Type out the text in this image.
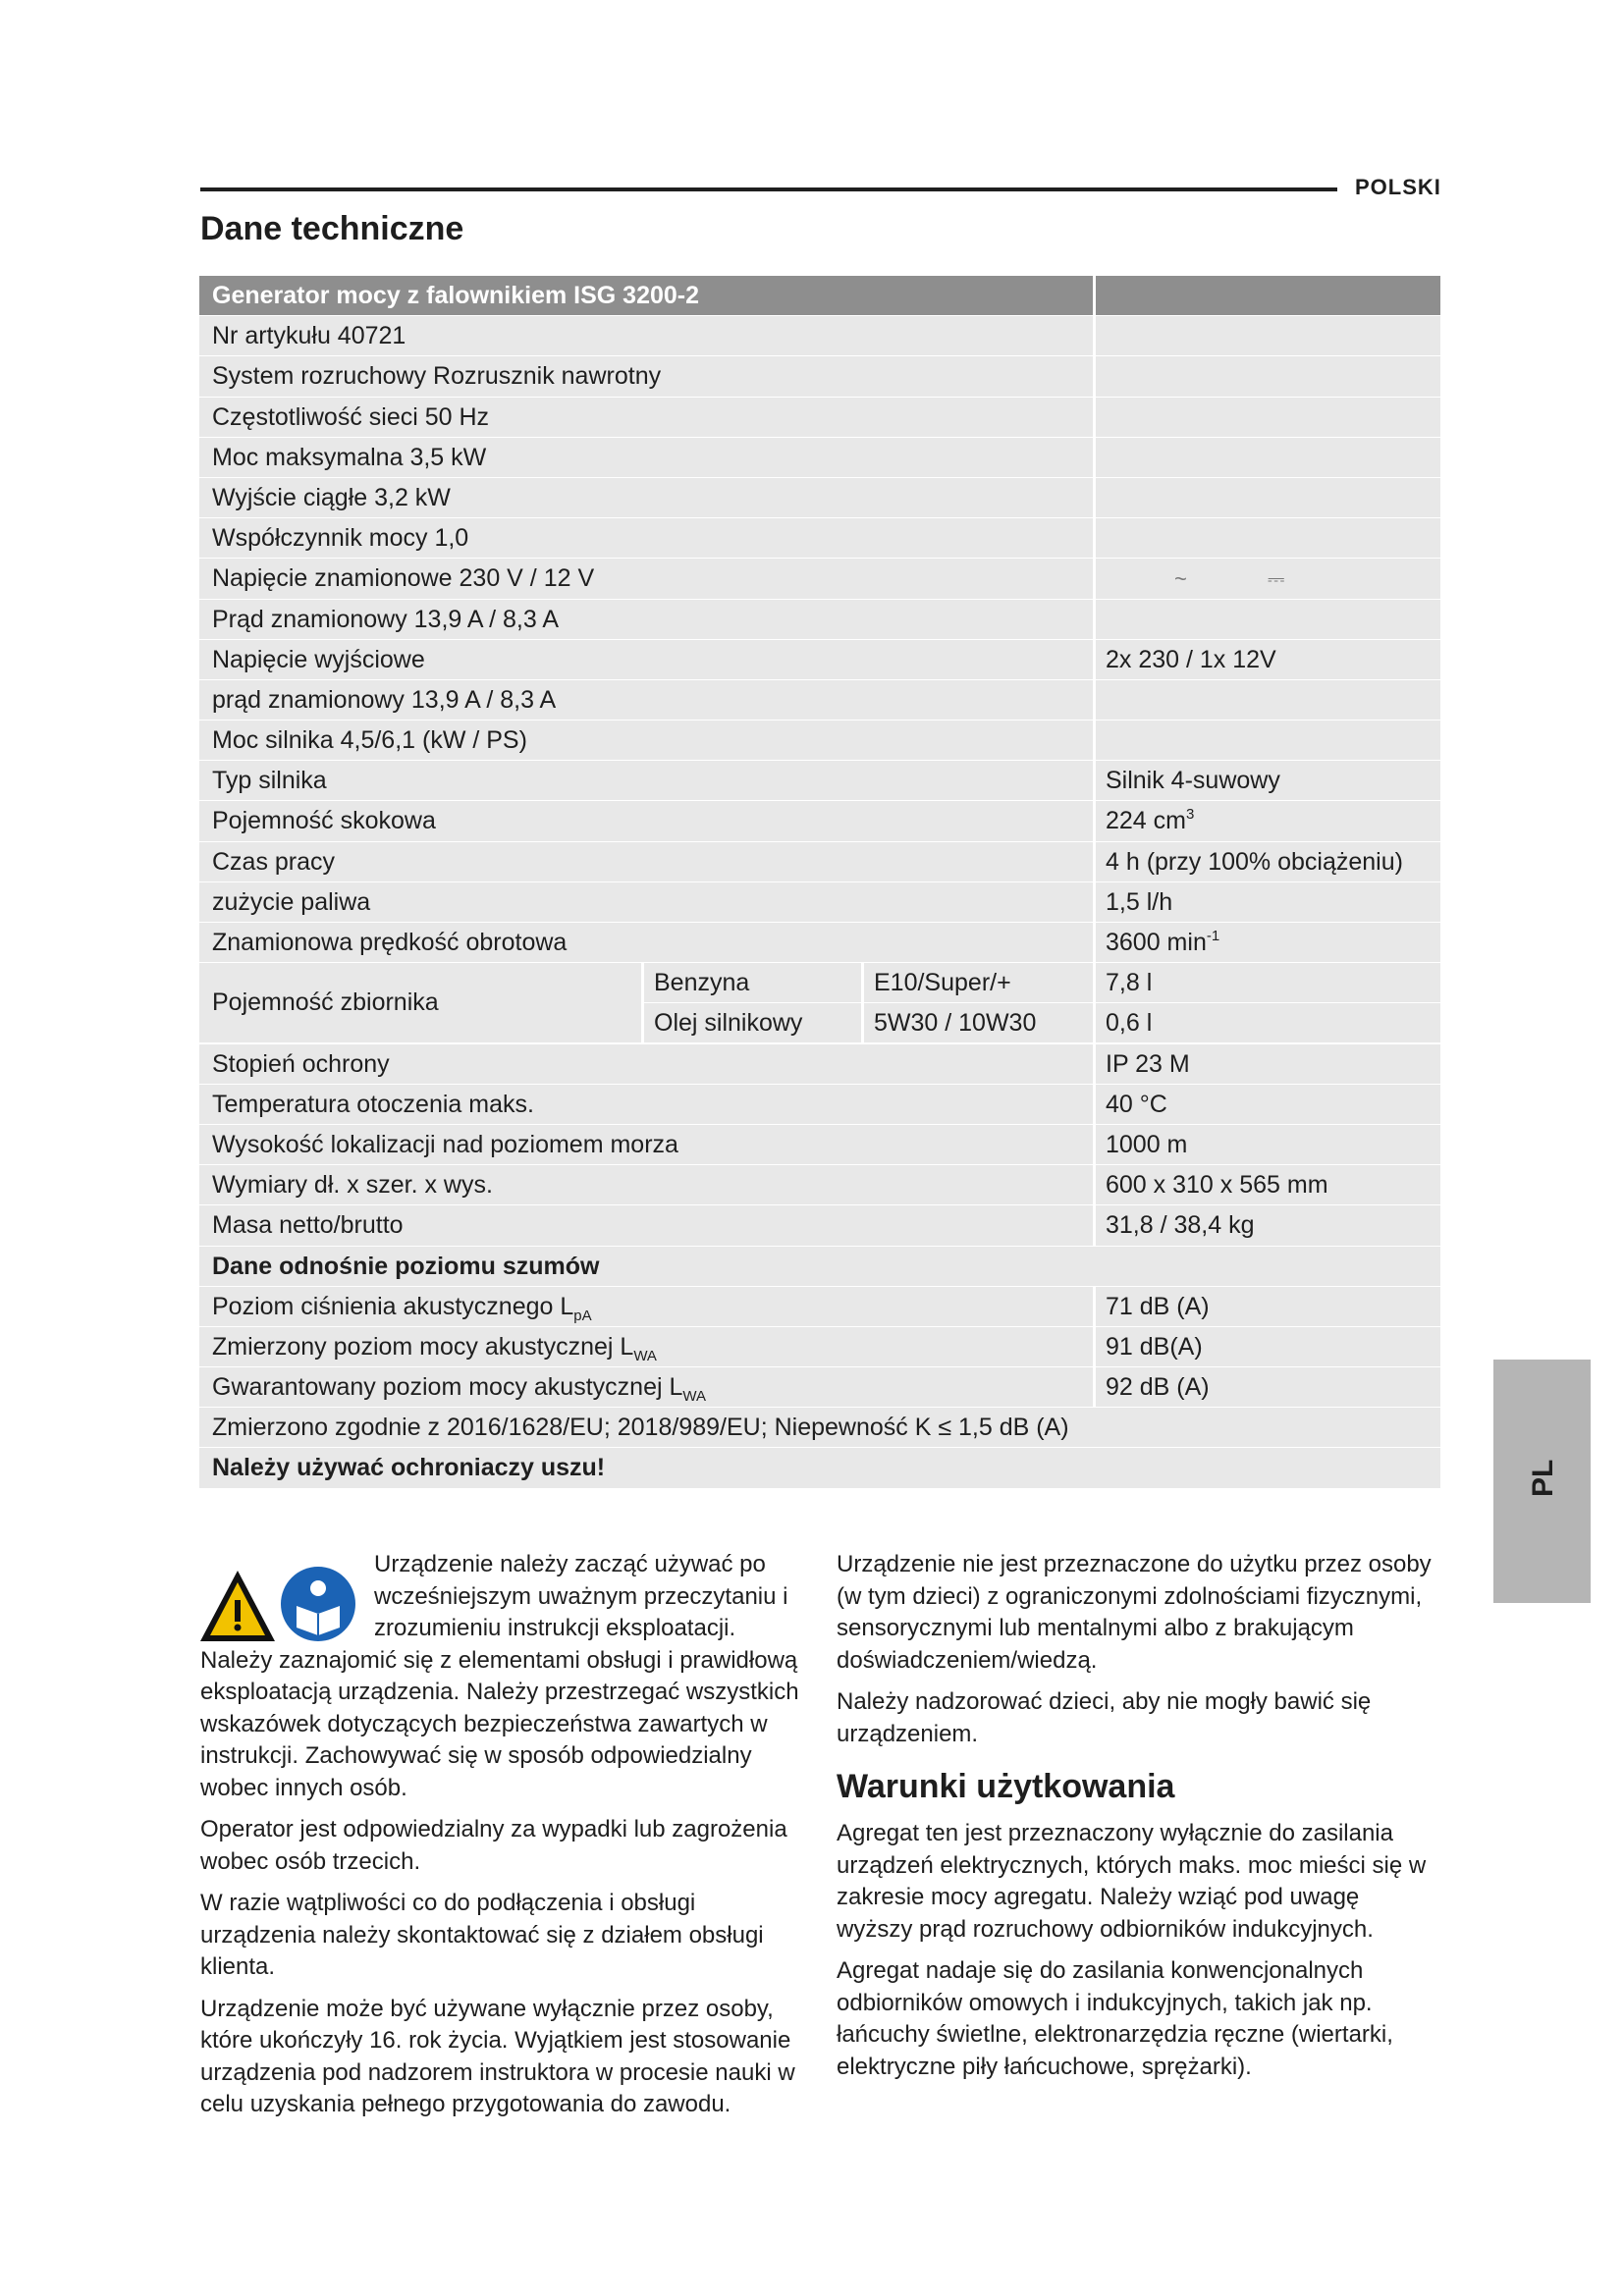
POLSKI
Dane techniczne
Generator mocy z falownikiem ISG 3200-2
Nr artykułu 40721
System rozruchowy Rozrusznik nawrotny
Częstotliwość sieci 50 Hz
Moc maksymalna 3,5 kW
Wyjście ciągłe 3,2 kW
Współczynnik mocy 1,0
Napięcie znamionowe 230 V / 12 V	~	⎓
Prąd znamionowy 13,9 A / 8,3 A
Napięcie wyjściowe	2x 230 / 1x 12V
prąd znamionowy 13,9 A / 8,3 A
Moc silnika 4,5/6,1 (kW / PS)
Typ silnika	Silnik 4-suwowy
Pojemność skokowa	224 $cm^3$
Czas pracy	4 h (przy 100% obciążeniu)
zużycie paliwa	1,5 l/h
Znamionowa prędkość obrotowa	3600 $\min^{-1}$
Pojemność zbiornika
Benzyna	E10/Super/+	7,8 l
Olej silnikowy	5W30 / 10W30	0,6 l
Stopień ochrony	IP 23 M
Temperatura otoczenia maks.	40 °C
Wysokość lokalizacji nad poziomem morza	1000 m
Wymiary dł. x szer. x wys.	600 x 310 x 565 mm
Masa netto/brutto	31,8 / 38,4 kg
Dane odnośnie poziomu szumów
Poziom ciśnienia akustycznego $L_{pA}$	71 dB (A)
Zmierzony poziom mocy akustycznej $L_{WA}$	91 dB(A)
Gwarantowany poziom mocy akustycznej $L_{WA}$	92 dB (A)
Zmierzono zgodnie z 2016/1628/EU; 2018/989/EU; Niepewność K ≤ 1,5 dB (A)
Należy używać ochroniaczy uszu!

Urządzenie należy zacząć używać po wcześniejszym uważnym przeczytaniu i zrozumieniu instrukcji eksploatacji. Należy zaznajomić się z elementami obsługi i prawidłową eksploatacją urządzenia. Należy przestrzegać wszystkich wskazówek dotyczących bezpieczeństwa zawartych w instrukcji. Zachowywać się w sposób odpowiedzialny wobec innych osób.

Operator jest odpowiedzialny za wypadki lub zagrożenia wobec osób trzecich.

W razie wątpliwości co do podłączenia i obsługi urządzenia należy skontaktować się z działem obsługi klienta.

Urządzenie może być używane wyłącznie przez osoby, które ukończyły 16. rok życia. Wyjątkiem jest stosowanie urządzenia pod nadzorem instruktora w procesie nauki w celu uzyskania pełnego przygotowania do zawodu.

Urządzenie nie jest przeznaczone do użytku przez osoby (w tym dzieci) z ograniczonymi zdolnościami fizycznymi, sensorycznymi lub mentalnymi albo z brakującym doświadczeniem/wiedzą.

Należy nadzorować dzieci, aby nie mogły bawić się urządzeniem.

Warunki użytkowania

Agregat ten jest przeznaczony wyłącznie do zasilania urządzeń elektrycznych, których maks. moc mieści się w zakresie mocy agregatu. Należy wziąć pod uwagę wyższy prąd rozruchowy odbiorników indukcyjnych.

Agregat nadaje się do zasilania konwencjonalnych odbiorników omowych i indukcyjnych, takich jak np. łańcuchy świetlne, elektronarzędzia ręczne (wiertarki, elektryczne piły łańcuchowe, sprężarki).

PL
